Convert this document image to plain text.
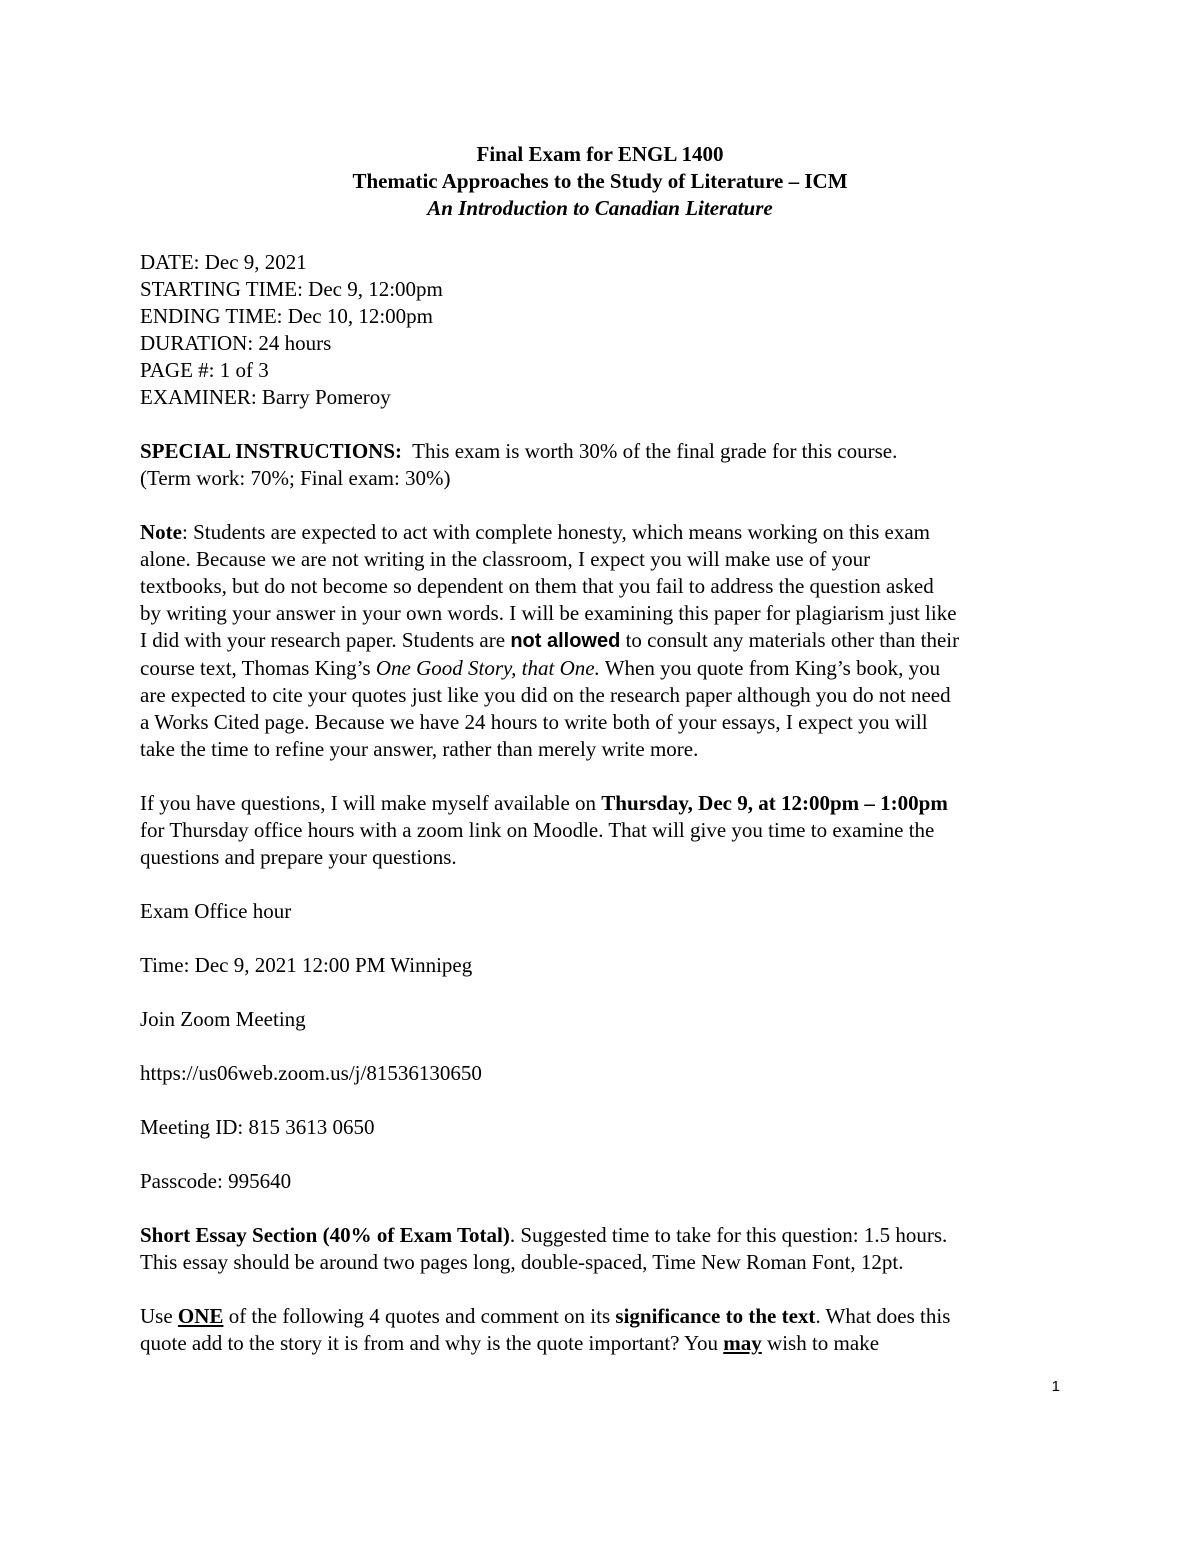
Final Exam for ENGL 1400
Thematic Approaches to the Study of Literature – ICM
An Introduction to Canadian Literature
DATE: Dec 9, 2021
STARTING TIME: Dec 9, 12:00pm
ENDING TIME: Dec 10, 12:00pm
DURATION: 24 hours
PAGE #: 1 of 3
EXAMINER: Barry Pomeroy
SPECIAL INSTRUCTIONS: This exam is worth 30% of the final grade for this course.
(Term work: 70%; Final exam: 30%)
Note: Students are expected to act with complete honesty, which means working on this exam
alone. Because we are not writing in the classroom, I expect you will make use of your
textbooks, but do not become so dependent on them that you fail to address the question asked
by writing your answer in your own words. I will be examining this paper for plagiarism just like
I did with your research paper. Students are not allowed to consult any materials other than their
course text, Thomas King’s One Good Story, that One. When you quote from King’s book, you
are expected to cite your quotes just like you did on the research paper although you do not need
a Works Cited page. Because we have 24 hours to write both of your essays, I expect you will
take the time to refine your answer, rather than merely write more.
If you have questions, I will make myself available on Thursday, Dec 9, at 12:00pm – 1:00pm
for Thursday office hours with a zoom link on Moodle. That will give you time to examine the
questions and prepare your questions.
Exam Office hour
Time: Dec 9, 2021 12:00 PM Winnipeg
Join Zoom Meeting
https://us06web.zoom.us/j/81536130650
Meeting ID: 815 3613 0650
Passcode: 995640
Short Essay Section (40% of Exam Total). Suggested time to take for this question: 1.5 hours.
This essay should be around two pages long, double-spaced, Time New Roman Font, 12pt.
Use ONE of the following 4 quotes and comment on its significance to the text. What does this
quote add to the story it is from and why is the quote important? You may wish to make
1
